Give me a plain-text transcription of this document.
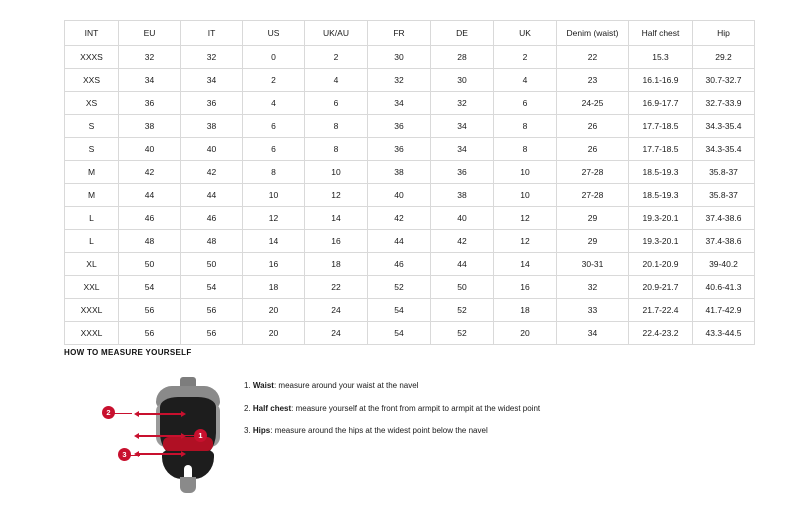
INT	EU	IT	US	UK/AU	FR	DE	UK	Denim (waist)	Half chest	Hip
XXXS	32	32	0	2	30	28	2	22	15.3	29.2
XXS	34	34	2	4	32	30	4	23	16.1-16.9	30.7-32.7
XS	36	36	4	6	34	32	6	24-25	16.9-17.7	32.7-33.9
S	38	38	6	8	36	34	8	26	17.7-18.5	34.3-35.4
S	40	40	6	8	36	34	8	26	17.7-18.5	34.3-35.4
M	42	42	8	10	38	36	10	27-28	18.5-19.3	35.8-37
M	44	44	10	12	40	38	10	27-28	18.5-19.3	35.8-37
L	46	46	12	14	42	40	12	29	19.3-20.1	37.4-38.6
L	48	48	14	16	44	42	12	29	19.3-20.1	37.4-38.6
XL	50	50	16	18	46	44	14	30-31	20.1-20.9	39-40.2
XXL	54	54	18	22	52	50	16	32	20.9-21.7	40.6-41.3
XXXL	56	56	20	24	54	52	18	33	21.7-22.4	41.7-42.9
XXXL	56	56	20	24	54	52	20	34	22.4-23.2	43.3-44.5
HOW TO MEASURE YOURSELF
1
2
3
1. Waist: measure around your waist at the navel
2. Half chest: measure yourself at the front from armpit to armpit at the widest point
3. Hips: measure around the hips at the widest point below the navel
